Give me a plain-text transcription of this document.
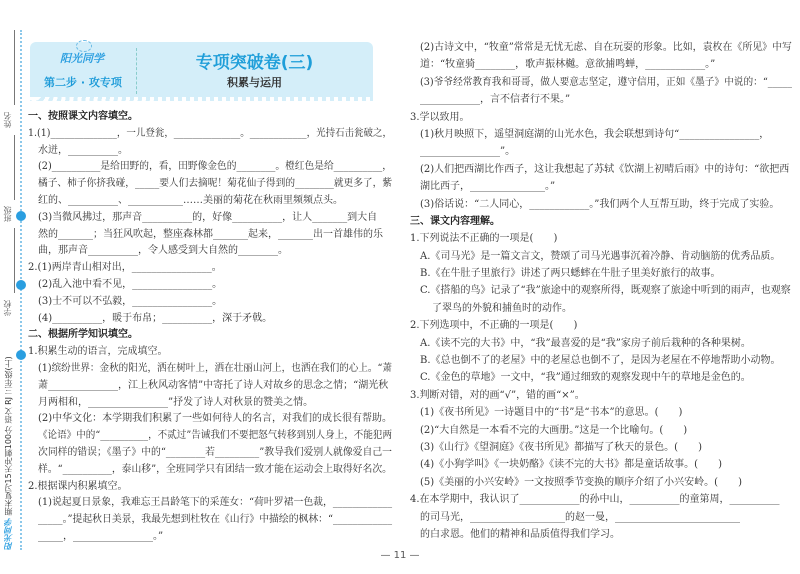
姓名
班级
学校
阳光同学 期末复习15天冲刺100分 语文 RJ 三年级(上)
阳光同学
第二步 · 攻专项
专项突破卷(三)
积累与运用
一、按照课文内容填空。
1.(1)______________，一儿登瓮，______________。____________，光持石击瓮破之，
水迸，__________。
(2)__________是给田野的，看，田野像金色的________。橙红色是给__________，
橘子、柿子你挤我碰，_____要人们去摘呢！菊花仙子得到的________就更多了，紫
红的、__________、___________……美丽的菊花在秋雨里频频点头。
(3)当微风拂过，那声音__________的，好像__________，让人_______到大自
然的_______；当狂风吹起，整座森林都_______起来，_______出一首雄伟的乐
曲，那声音__________，令人感受到大自然的________。
2.(1)两岸青山相对出，________________。
(2)乱入池中看不见，________________。
(3)士不可以不弘毅，________________。
(4)__________，暖于布帛；__________，深于矛戟。
二、根据所学知识填空。
1.积累生动的语言，完成填空。
(1)缤纷世界：金秋的阳光，洒在树叶上，洒在壮丽山河上，也洒在我们的心上。“萧
萧______________，江上秋风动客情”中寄托了诗人对故乡的思念之情；“湖光秋
月两相和，________________”抒发了诗人对秋景的赞美之情。
(2)中华文化：本学期我们积累了一些如何待人的名言，对我们的成长很有帮助。
《论语》中的“__________，不贰过”告诫我们不要把怒气转移到别人身上，不能犯两
次同样的错误；《墨子》中的“________若_________”教导我们爱别人就像爱自己一
样。“__________，泰山移”，全班同学只有团结一致才能在运动会上取得好名次。
2.根据课内积累填空。
(1)说起夏日景象，我难忘王昌龄笔下的采莲女：“荷叶罗裙一色裁，____________
_____。”提起秋日美景，我最先想到杜牧在《山行》中描绘的枫林：“____________
_____，________________。”
(2)古诗文中，“牧童”常常是无忧无虑、自在玩耍的形象。比如，袁枚在《所见》中写
道：“牧童骑________，歌声振林樾。意欲捕鸣蝉，____________。”
(3)爷爷经常教育我和哥哥，做人要意志坚定，遵守信用，正如《墨子》中说的：“_____
____________，言不信者行不果。”
3.学以致用。
(1)秋月映照下，遥望洞庭湖的山光水色，我会联想到诗句“________________，
________________”。
(2)人们把西湖比作西子，这让我想起了苏轼《饮湖上初晴后雨》中的诗句：“欲把西
湖比西子，_______________。”
(3)俗话说：“二人同心，____________。”我们两个人互帮互助，终于完成了实验。
三、课文内容理解。
1.下列说法不正确的一项是(　　)
A.《司马光》是一篇文言文，赞颂了司马光遇事沉着冷静、肯动脑筋的优秀品质。
B.《在牛肚子里旅行》讲述了两只蟋蟀在牛肚子里美好旅行的故事。
C.《搭船的鸟》记录了“我”旅途中的观察所得，既观察了旅途中听到的雨声，也观察
了翠鸟的外貌和捕鱼时的动作。
2.下列选项中，不正确的一项是(　　)
A.《读不完的大书》中，“我”最喜爱的是“我”家房子前后栽种的各种果树。
B.《总也倒不了的老屋》中的老屋总也倒不了，是因为老屋在不停地帮助小动物。
C.《金色的草地》一文中，“我”通过细致的观察发现中午的草地是金色的。
3.判断对错，对的画“√”，错的画“×”。
(1)《夜书所见》一诗题目中的“书”是“书本”的意思。(　　)
(2)“大自然是一本看不完的大画册。”这是一个比喻句。(　　)
(3)《山行》《望洞庭》《夜书所见》都描写了秋天的景色。(　　)
(4)《小狗学叫》《一块奶酪》《读不完的大书》都是童话故事。(　　)
(5)《美丽的小兴安岭》一文按照季节变换的顺序介绍了小兴安岭。(　　)
4.在本学期中，我认识了____________的孙中山，__________的童第周，__________
的司马光，___________________的赵一曼，_________________________
的白求恩。他们的精神和品质值得我们学习。
— 11 —
